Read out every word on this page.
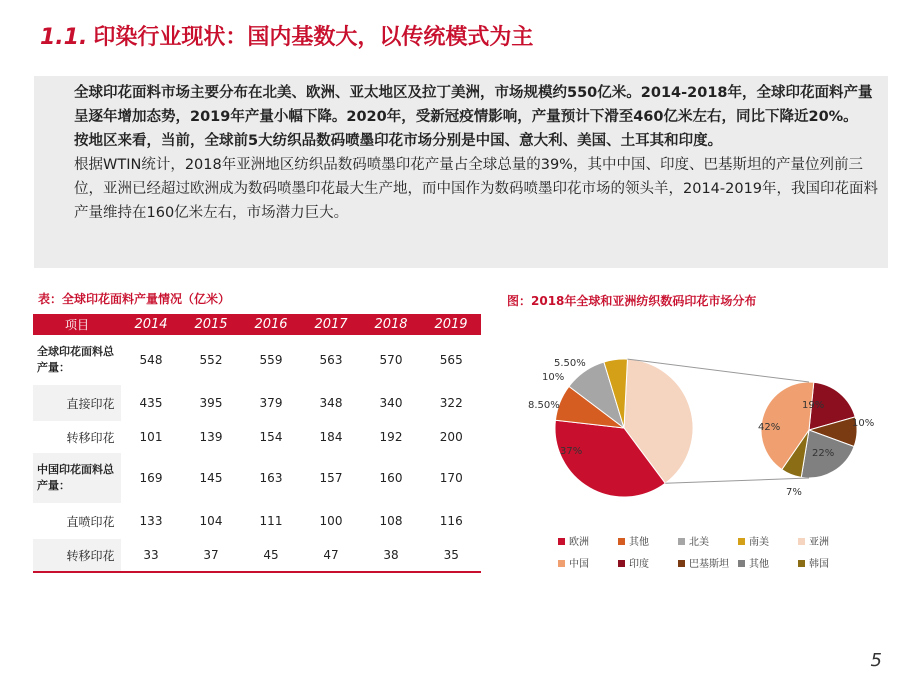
1.1. 印染行业现状：国内基数大，以传统模式为主

全球印花面料市场主要分布在北美、欧洲、亚太地区及拉丁美洲，市场规模约550亿米。2014-2018年，全球印花面料产量呈逐年增加态势，2019年产量小幅下降。2020年，受新冠疫情影响，产量预计下滑至460亿米左右，同比下降近20%。

按地区来看，当前，全球前5大纺织品数码喷墨印花市场分别是中国、意大利、美国、土耳其和印度。

根据WTIN统计，2018年亚洲地区纺织品数码喷墨印花产量占全球总量的39%，其中中国、印度、巴基斯坦的产量位列前三位，亚洲已经超过欧洲成为数码喷墨印花最大生产地，而中国作为数码喷墨印花市场的领头羊，2014-2019年，我国印花面料产量维持在160亿米左右，市场潜力巨大。

表：全球印花面料产量情况（亿米）	图：2018年全球和亚洲纺织数码印花市场分布
项目	2014	2015	2016	2017	2018	2019
全球印花面料总产量：	548	552	559	563	570	565
直接印花	435	395	379	348	340	322
转移印花	101	139	154	184	192	200
中国印花面料总产量：	169	145	163	157	160	170
直喷印花	133	104	111	100	108	116
转移印花	33	37	45	47	38	35
37%
8.50%
10%
5.50%
42%
19%
10%
22%
7%
欧洲	其他	北美	南美	亚洲
中国	印度	巴基斯坦 其他	韩国
5
